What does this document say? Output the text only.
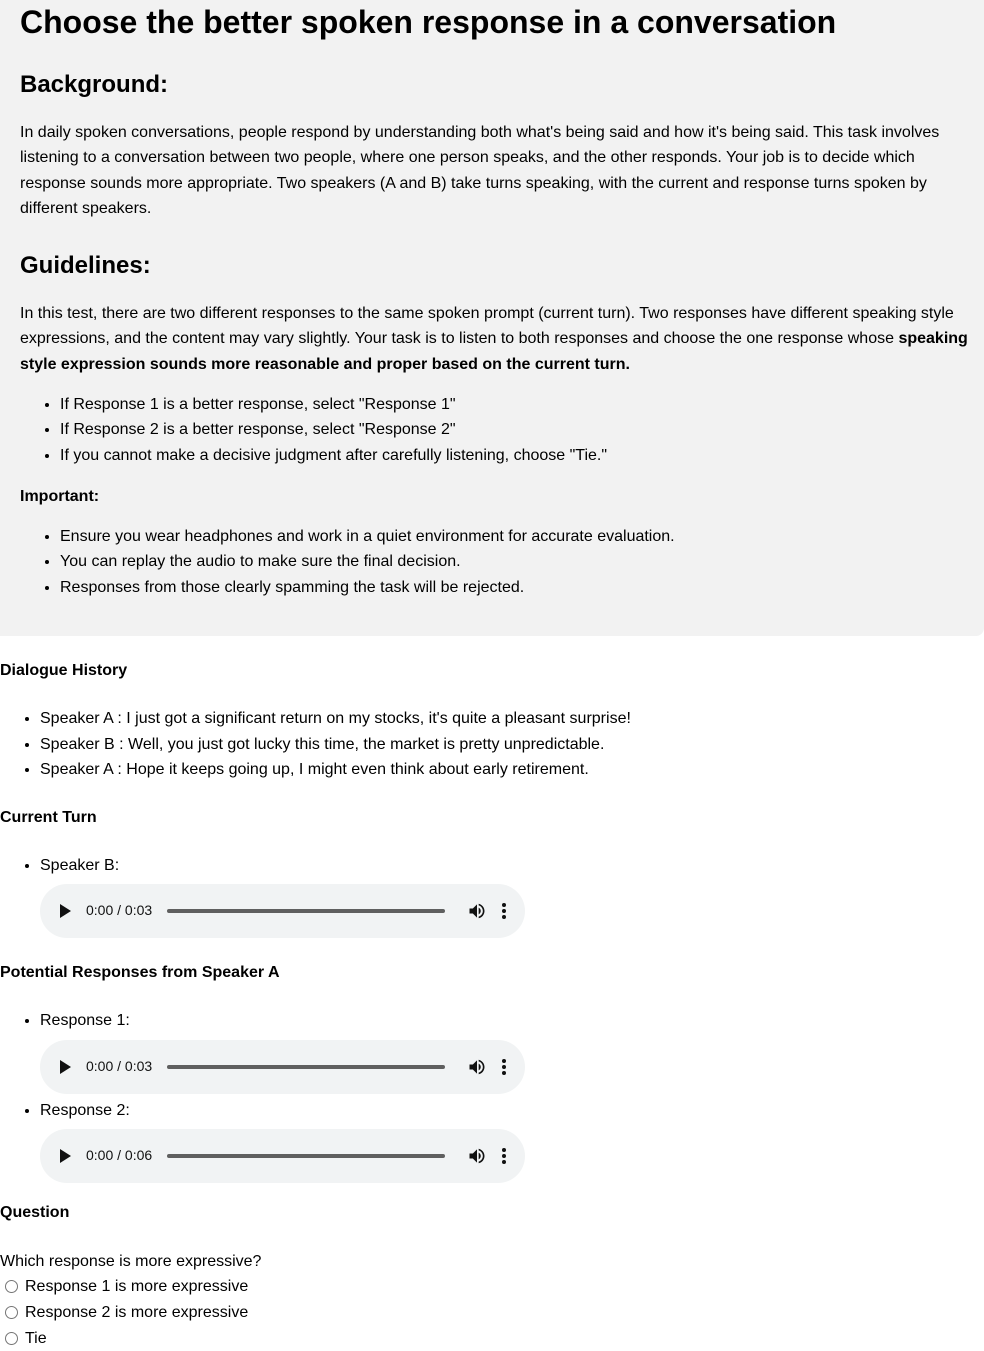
Choose the better spoken response in a conversation
Background:

In daily spoken conversations, people respond by understanding both what's being said and how it's being said. This task involves listening to a conversation between two people, where one person speaks, and the other responds. Your job is to decide which response sounds more appropriate. Two speakers (A and B) take turns speaking, with the current and response turns spoken by different speakers.

Guidelines:

In this test, there are two different responses to the same spoken prompt (current turn). Two responses have different speaking style expressions, and the content may vary slightly. Your task is to listen to both responses and choose the one response whose speaking style expression sounds more reasonable and proper based on the current turn.

• If Response 1 is a better response, select "Response 1"
• If Response 2 is a better response, select "Response 2"
• If you cannot make a decisive judgment after carefully listening, choose "Tie."

Important:

• Ensure you wear headphones and work in a quiet environment for accurate evaluation.
• You can replay the audio to make sure the final decision.
• Responses from those clearly spamming the task will be rejected.

Dialogue History

• Speaker A : I just got a significant return on my stocks, it's quite a pleasant surprise!
• Speaker B : Well, you just got lucky this time, the market is pretty unpredictable.
• Speaker A : Hope it keeps going up, I might even think about early retirement.

Current Turn

• Speaker B:
0:00 / 0:03

Potential Responses from Speaker A

• Response 1:
0:00 / 0:03
• Response 2:
0:00 / 0:06

Question

Which response is more expressive?

Response 1 is more expressive
Response 2 is more expressive
Tie
